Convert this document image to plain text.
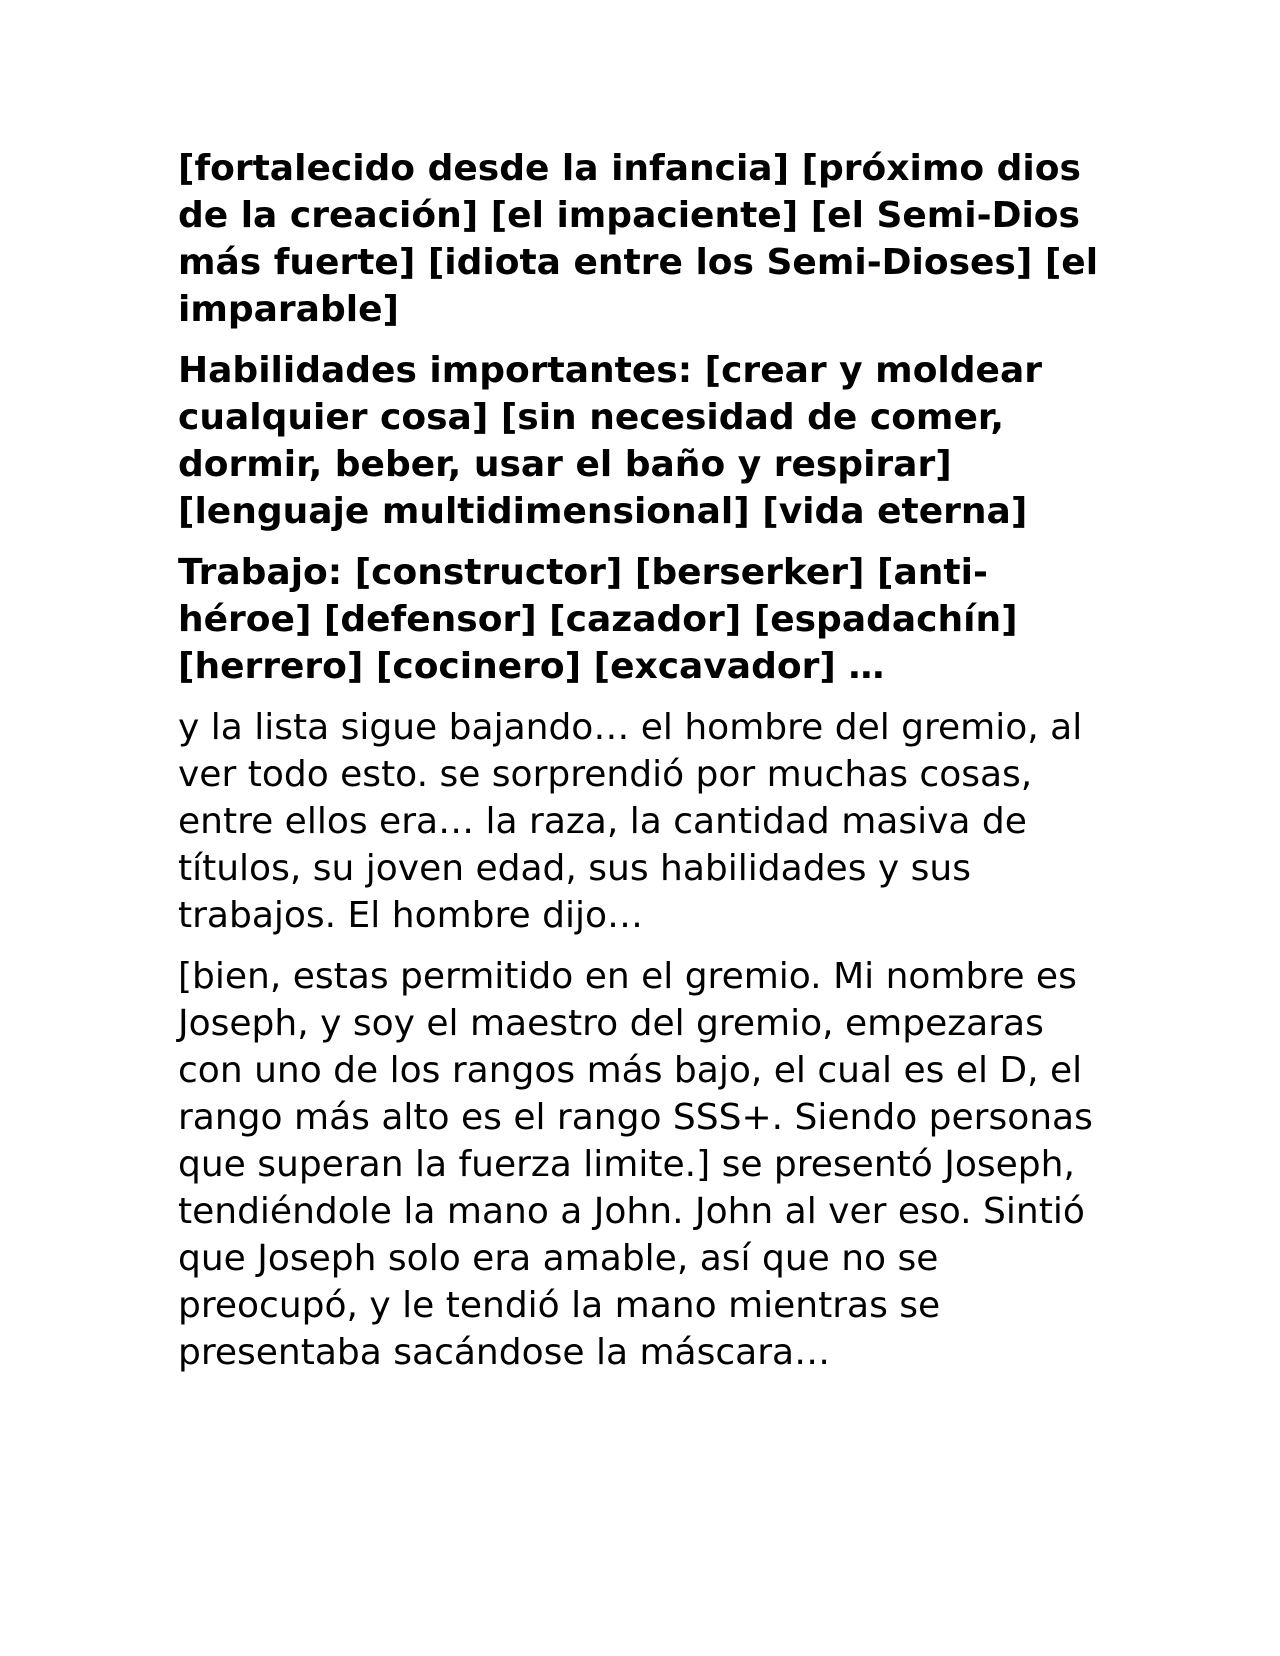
[fortalecido desde la infancia] [próximo dios de la creación] [el impaciente] [el Semi-Dios más fuerte] [idiota entre los Semi-Dioses] [el imparable]

Habilidades importantes: [crear y moldear cualquier cosa] [sin necesidad de comer, dormir, beber, usar el baño y respirar] [lenguaje multidimensional] [vida eterna]

Trabajo: [constructor] [berserker] [anti-héroe] [defensor] [cazador] [espadachín] [herrero] [cocinero] [excavador] …

y la lista sigue bajando… el hombre del gremio, al ver todo esto. se sorprendió por muchas cosas, entre ellos era… la raza, la cantidad masiva de títulos, su joven edad, sus habilidades y sus trabajos. El hombre dijo…

[bien, estas permitido en el gremio. Mi nombre es Joseph, y soy el maestro del gremio, empezaras con uno de los rangos más bajo, el cual es el D, el rango más alto es el rango SSS+. Siendo personas que superan la fuerza limite.] se presentó Joseph, tendiéndole la mano a John. John al ver eso. Sintió que Joseph solo era amable, así que no se preocupó, y le tendió la mano mientras se presentaba sacándose la máscara…
